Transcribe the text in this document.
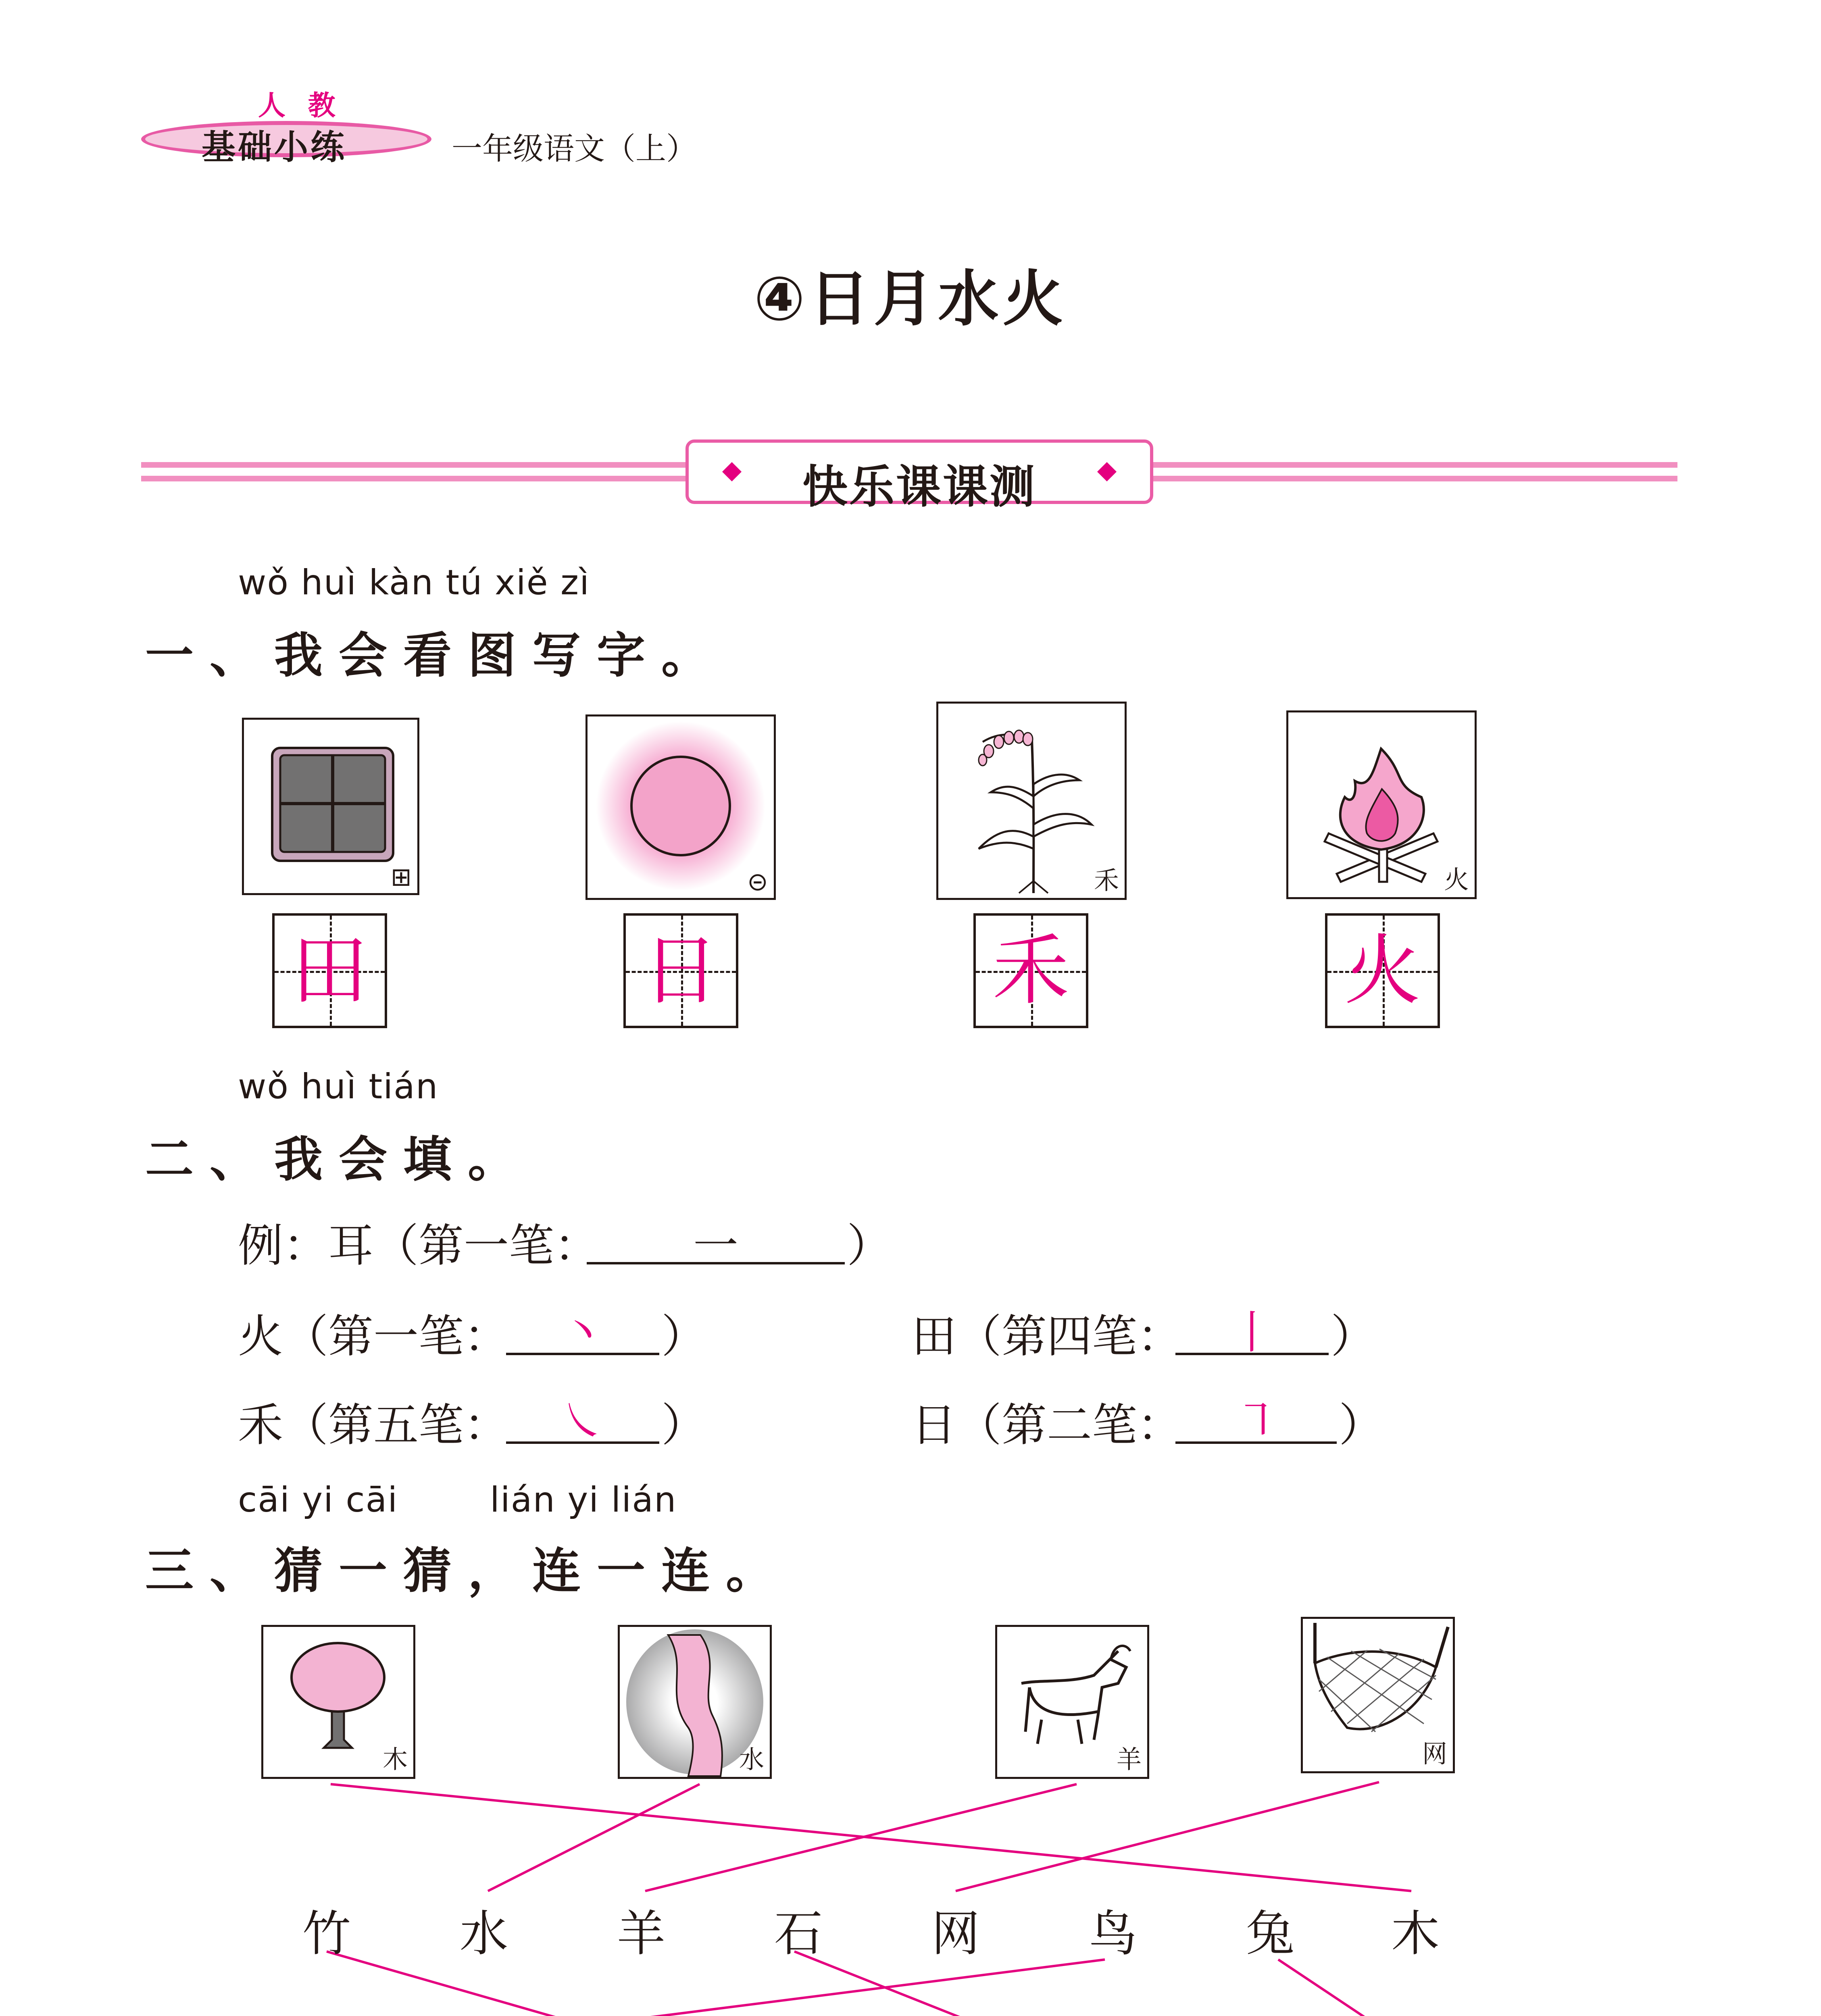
人 教
基础小练	一年级语文（上）
④日月水火
快乐课课测
wǒ huì kàn tú xiě zì
一、我会看图写字。
⊞	⊝	⽲	⽕
田	日	禾	火
wǒ huì tián
二、我会填。
例：耳（第一笔：	一	）
火（第一笔：	丶	）	田（第四笔：	丨	）
禾（第五笔：	㇏	）	日（第二笔：	㇕	）
cāi yi cāi	lián yi lián
三、猜一猜，连一连。
⽊	⽔	⽺	⽹
竹 水 羊 石 网 鸟 兔 木
